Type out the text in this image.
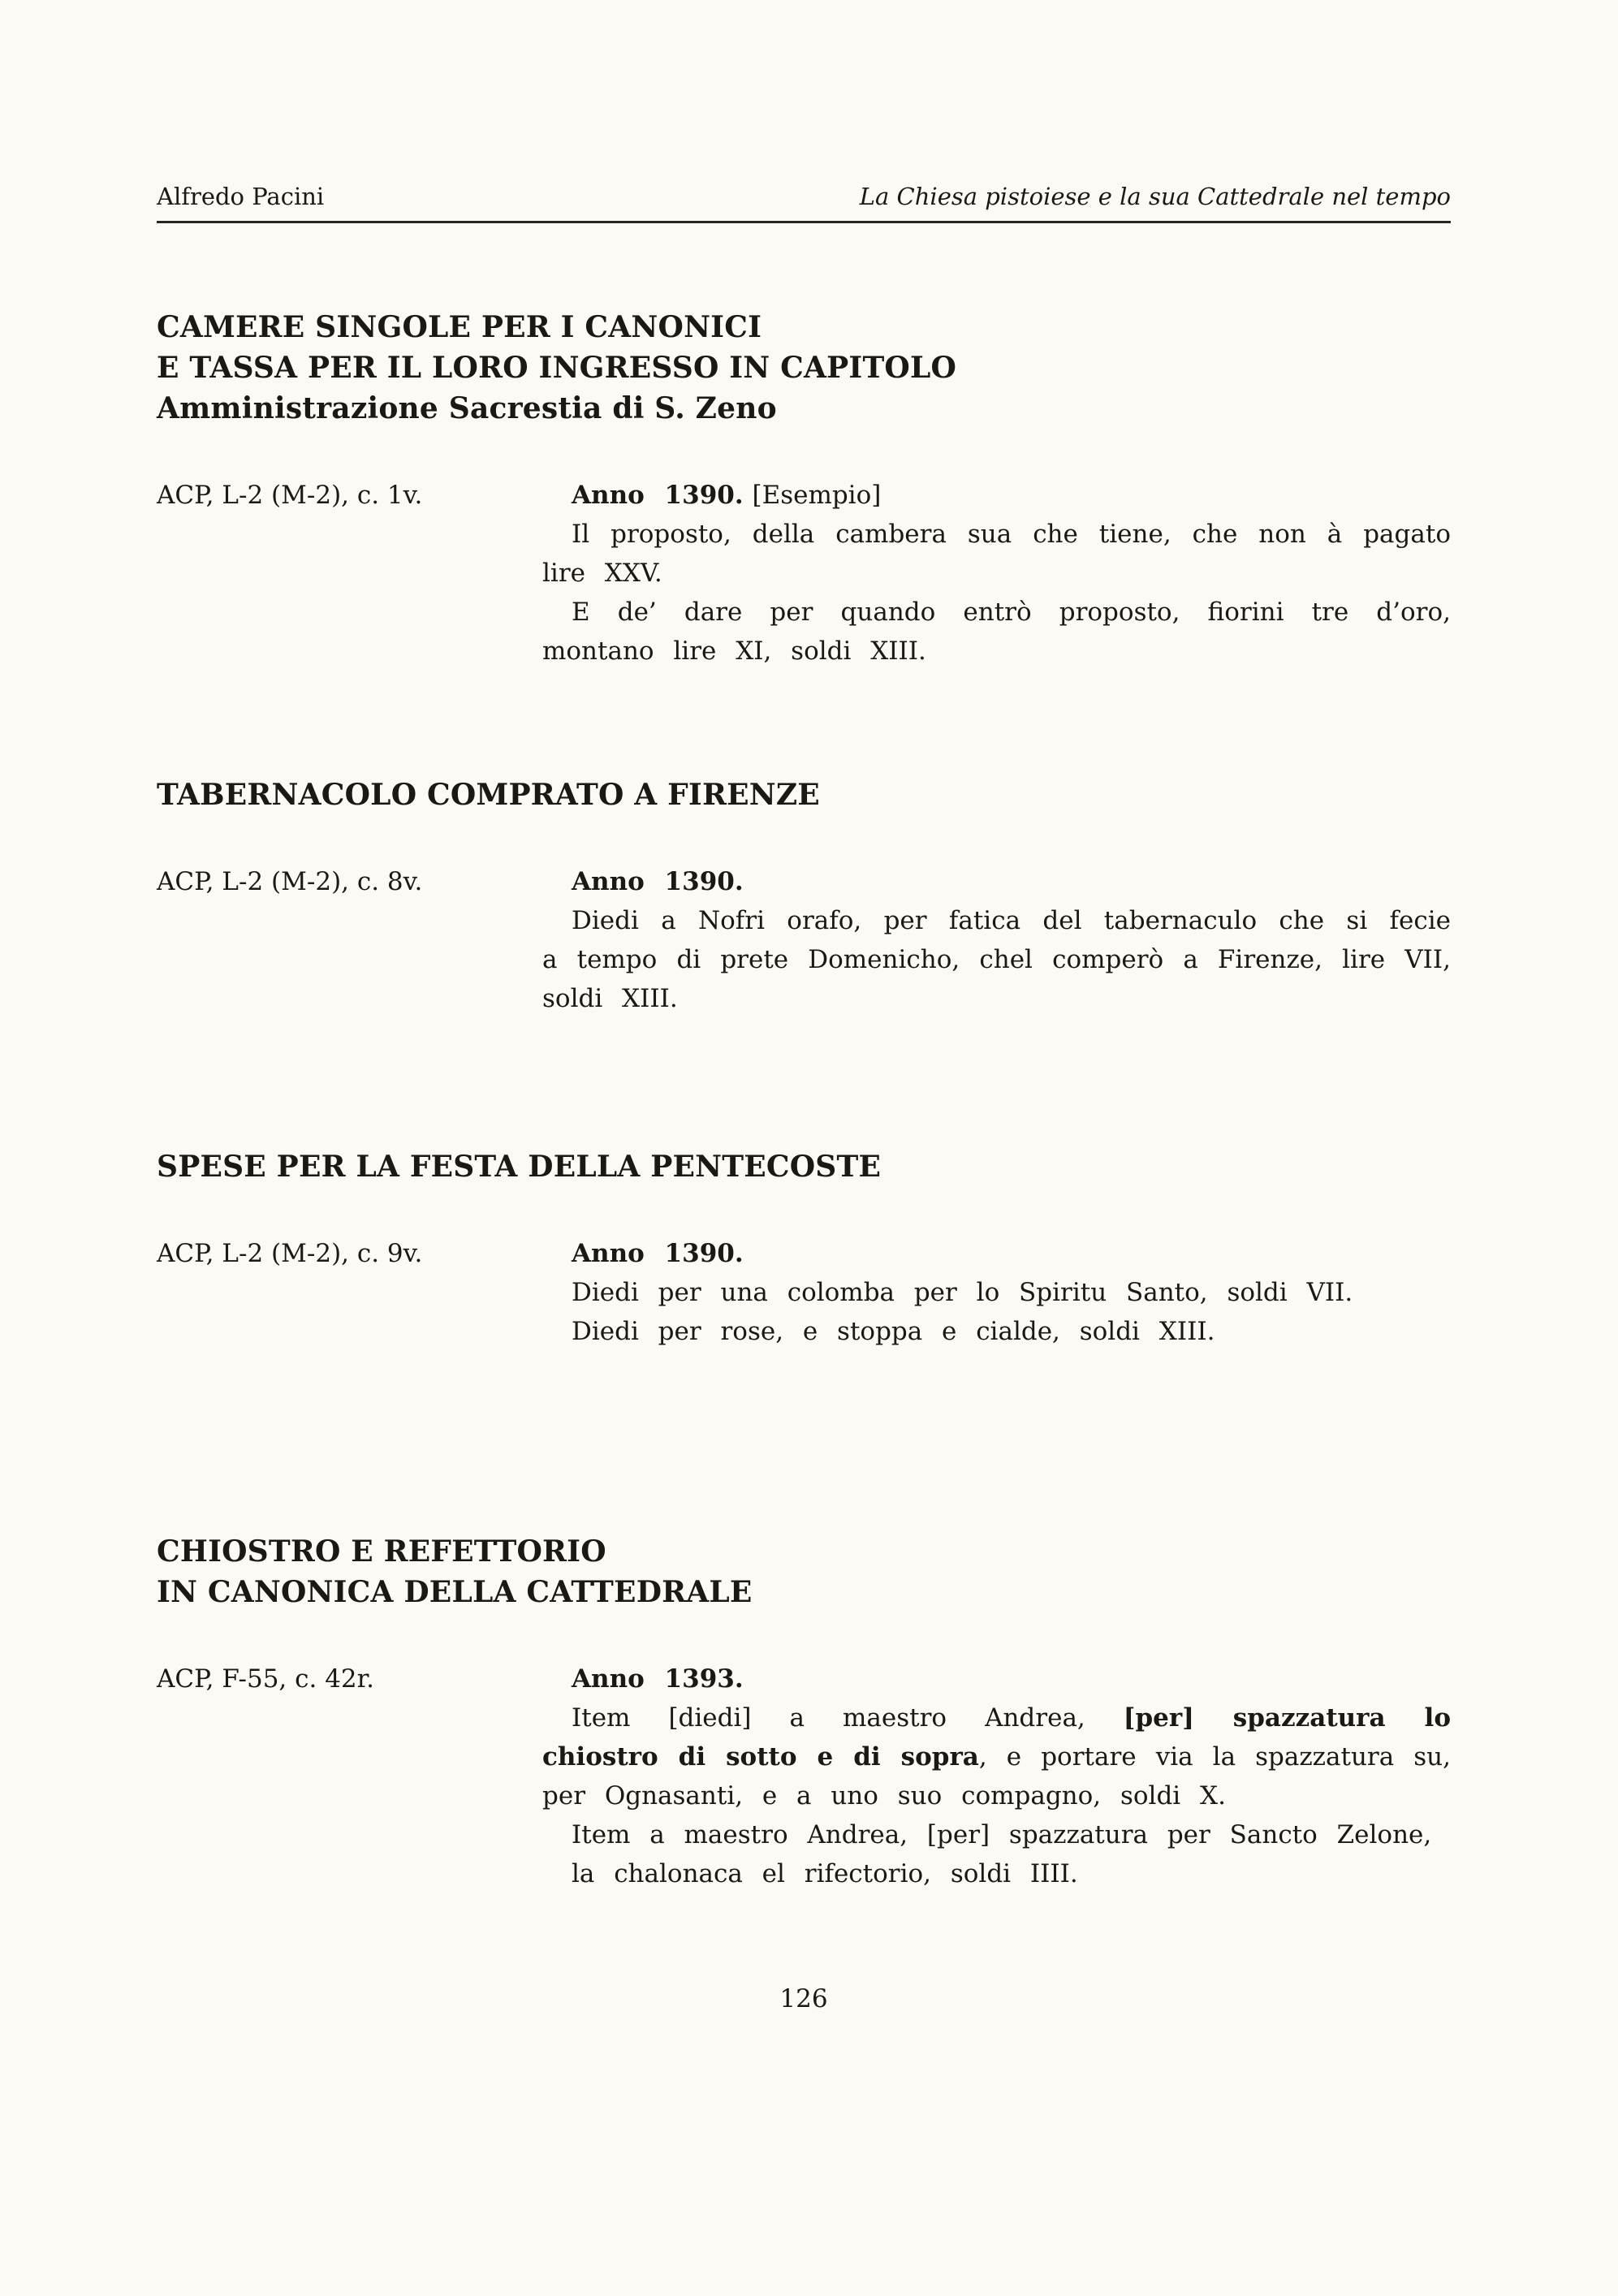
Alfredo Pacini	La Chiesa pistoiese e la sua Cattedrale nel tempo
CAMERE SINGOLE PER I CANONICI
E TASSA PER IL LORO INGRESSO IN CAPITOLO
Amministrazione Sacrestia di S. Zeno
ACP, L-2 (M-2), c. 1v.	Anno 1390. [Esempio]

Il proposto, della cambera sua che tiene, che non à pagato lire XXV.

E de’ dare per quando entrò proposto, fiorini tre d’oro, montano lire XI, soldi XIII.

TABERNACOLO COMPRATO A FIRENZE
ACP, L-2 (M-2), c. 8v.	Anno 1390.

Diedi a Nofri orafo, per fatica del tabernaculo che si fecie a tempo di prete Domenicho, chel comperò a Firenze, lire VII, soldi XIII.

SPESE PER LA FESTA DELLA PENTECOSTE
ACP, L-2 (M-2), c. 9v.	Anno 1390.

Diedi per una colomba per lo Spiritu Santo, soldi VII.

Diedi per rose, e stoppa e cialde, soldi XIII.

CHIOSTRO E REFETTORIO
IN CANONICA DELLA CATTEDRALE
ACP, F-55, c. 42r.	Anno 1393.

Item [diedi] a maestro Andrea, [per] spazzatura lo chiostro di sotto e di sopra, e portare via la spazzatura su, per Ognasanti, e a uno suo compagno, soldi X.

Item a maestro Andrea, [per] spazzatura per Sancto Zelone,

la chalonaca el rifectorio, soldi IIII.

126
